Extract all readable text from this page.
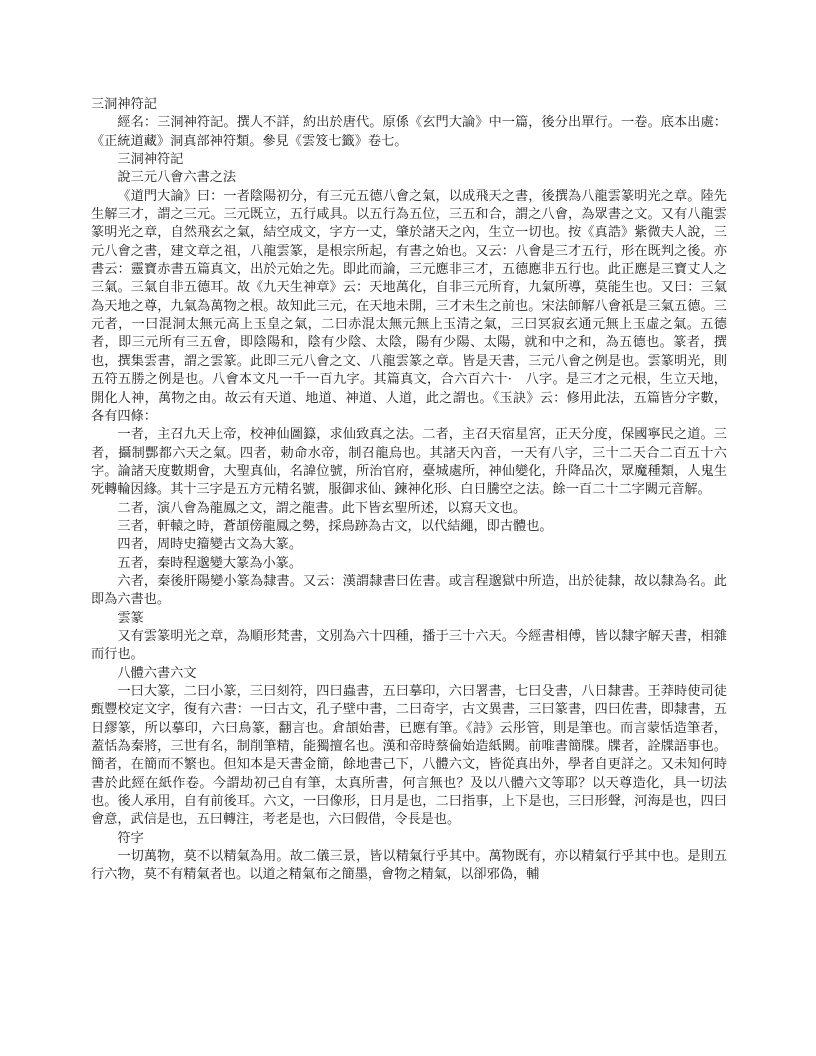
三洞神符記

經名：三洞神符記。撰人不詳，約出於唐代。原係《玄門大論》中一篇，後分出單行。一卷。底本出處：《正統道藏》洞真部神符類。參見《雲笈七籤》卷七。

三洞神符記

說三元八會六書之法

《道門大論》曰：一者陰陽初分，有三元五德八會之氣，以成飛天之書，後撰為八龍雲篆明光之章。陸先生解三才，謂之三元。三元既立，五行咸具。以五行為五位，三五和合，謂之八會，為眾書之文。又有八龍雲篆明光之章，自然飛玄之氣，結空成文，字方一丈，肇於諸天之內，生立一切也。按《真誥》紫微夫人說，三元八會之書，建文章之祖，八龍雲篆，是根宗所起，有書之始也。又云：八會是三才五行，形在既判之後。亦書云：靈寶赤書五篇真文，出於元始之先。即此而論，三元應非三才，五德應非五行也。此正應是三寶丈人之三氣。三氣自非五德耳。故《九天生神章》云：天地萬化，自非三元所育，九氣所導，莫能生也。又曰：三氣為天地之尊，九氣為萬物之根。故知此三元，在天地未開，三才未生之前也。宋法師解八會祇是三氣五德。三元者，一曰混洞太無元高上玉皇之氣，二曰赤混太無元無上玉清之氣，三曰冥寂玄通元無上玉虛之氣。五德者，即三元所有三五會，即陰陽和，陰有少陰、太陰，陽有少陽、太陽，就和中之和，為五德也。篆者，撰也，撰集雲書，謂之雲篆。此即三元八會之文、八龍雲篆之章。皆是天書，三元八會之例是也。雲篆明光，則五符五勝之例是也。八會本文凡一千一百九字。其篇真文，合六百六十·　八字。是三才之元根，生立天地，開化人神，萬物之由。故云有天道、地道、神道、人道，此之謂也。《玉訣》云：修用此法，五篇皆分字數，各有四條：

一者，主召九天上帝，校神仙圖籙，求仙致真之法。二者，主召天宿星宮，正天分度，保國寧民之道。三者，攝制酆都六天之氣。四者，勅命水帝，制召龍烏也。其諸天內音，一天有八字，三十二天合二百五十六字。論諸天度數期會，大聖真仙，名諱位號，所治官府，臺城處所，神仙變化，升降品次，眾魔種類，人鬼生死轉輪因緣。其十三字是五方元精名號，服御求仙、鍊神化形、白日騰空之法。餘一百二十二字闕元音解。

二者，演八會為龍鳳之文，謂之龍書。此下皆玄聖所述，以寫天文也。

三者，軒轅之時，蒼頡傍龍鳳之勢，採鳥跡為古文，以代結繩，即古體也。

四者，周時史籀變古文為大篆。

五者，秦時程邈變大篆為小篆。

六者，秦後肝陽變小篆為隸書。又云：漢謂隸書曰佐書。或言程邈獄中所造，出於徒隸，故以隸為名。此即為六書也。

雲篆

又有雲篆明光之章，為順形梵書，文別為六十四種，播于三十六天。今經書相傅，皆以隸字解天書，相雜而行也。

八體六書六文

一曰大篆，二曰小篆，三曰刻符，四曰蟲書，五曰摹印，六曰署書，七曰殳書，八日隸書。王莽時使司徒甄豐校定文字，復有六書：一曰古文，孔子壁中書，二曰奇字，古文異書，三曰篆書，四曰佐書，即隸書，五日繆篆，所以摹印，六曰鳥篆，翻言也。倉頡始書，已應有筆。《詩》云彤管，則是筆也。而言蒙恬造筆者，蓋恬為秦將，三世有名，制削筆精，能獨擅名也。漢和帝時蔡倫始造紙闕。前唯書簡牒。牒者，詮牒語事也。簡者，在簡而不繁也。但知本是天書金簡，餘地書己下，八體六文，皆從真出外，學者自更詳之。又未知何時書於此經在紙作卷。今謂劫初己自有筆，太真所書，何言無也？及以八體六文等耶？以天尊造化，具一切法也。後人承用，自有前後耳。六文，一曰像形，日月是也，二曰指事，上下是也，三曰形聲，河海是也，四曰會意，武信是也，五曰轉注，考老是也，六曰假借，令長是也。

符字

一切萬物，莫不以精氣為用。故二儀三景，皆以精氣行乎其中。萬物既有，亦以精氣行乎其中也。是則五行六物，莫不有精氣者也。以道之精氣布之簡墨，會物之精氣，以卻邪偽，輔
